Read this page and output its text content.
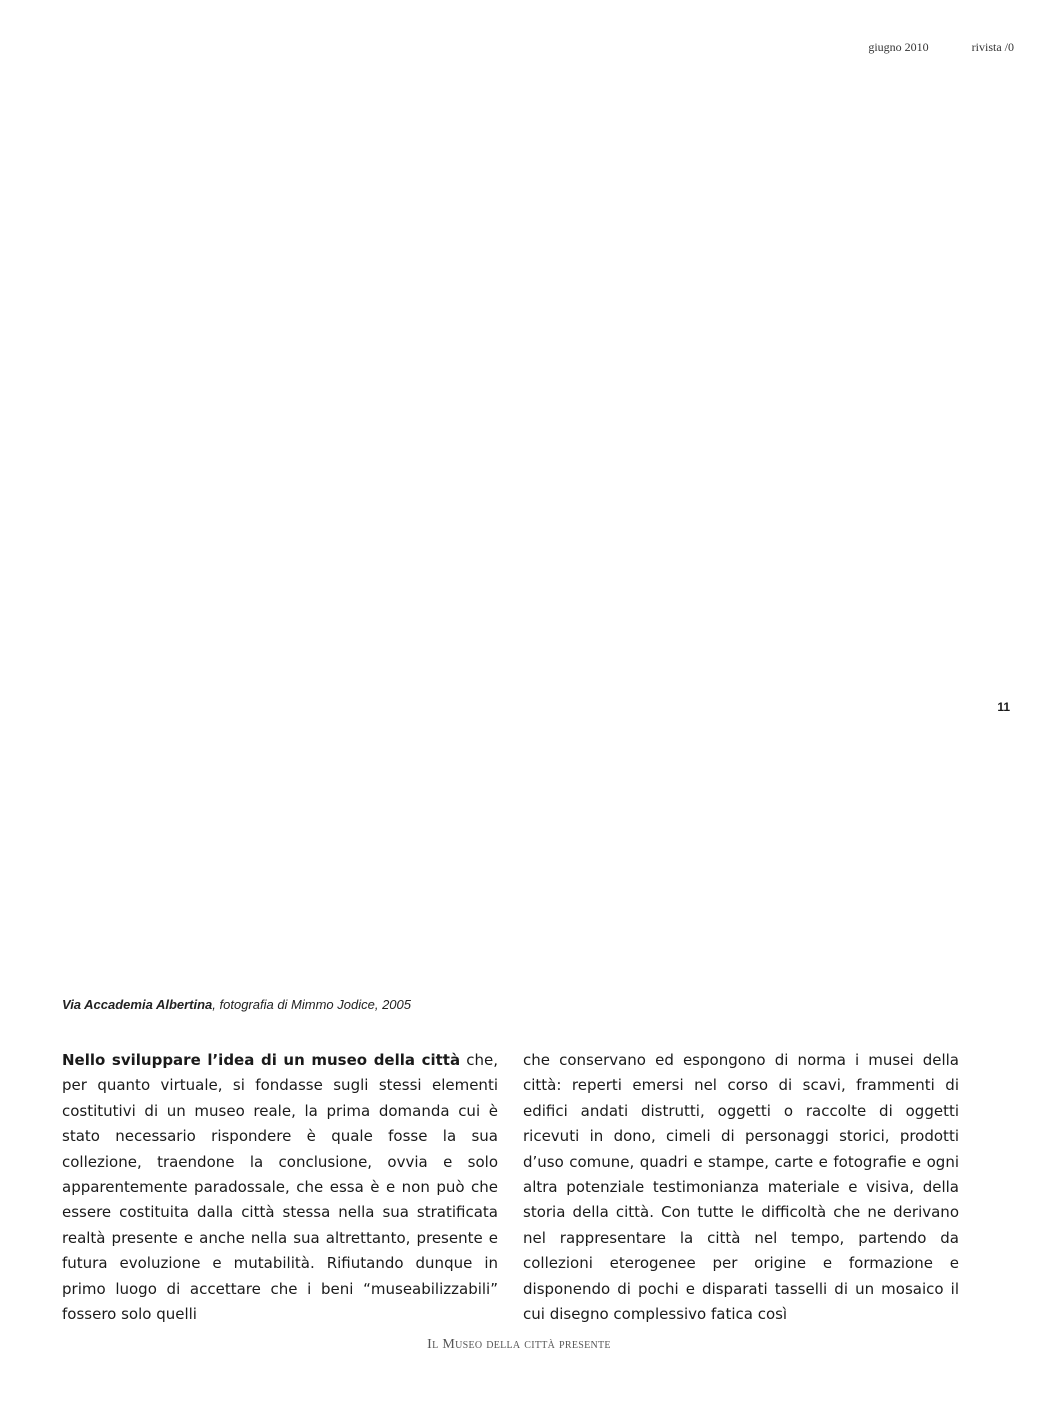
giugno 2010	rivista /0
11
Via Accademia Albertina, fotografia di Mimmo Jodice, 2005

Nello sviluppare l’idea di un museo della città che, per quanto virtuale, si fondasse sugli stessi elementi costitutivi di un museo reale, la prima domanda cui è stato necessario rispondere è quale fosse la sua collezione, traendone la conclusione, ovvia e solo apparentemente paradossale, che essa è e non può che essere costituita dalla città stessa nella sua stratificata realtà presente e anche nella sua altrettanto, presente e futura evoluzione e mutabilità. Rifiutando dunque in primo luogo di accettare che i beni “museabilizzabili” fossero solo quelli

che conservano ed espongono di norma i musei della città: reperti emersi nel corso di scavi, frammenti di edifici andati distrutti, oggetti o raccolte di oggetti ricevuti in dono, cimeli di personaggi storici, prodotti d’uso comune, quadri e stampe, carte e fotografie e ogni altra potenziale testimonianza materiale e visiva, della storia della città. Con tutte le difficoltà che ne derivano nel rappresentare la città nel tempo, partendo da collezioni eterogenee per origine e formazione e disponendo di pochi e disparati tasselli di un mosaico il cui disegno complessivo fatica così

Il Museo della città presente
